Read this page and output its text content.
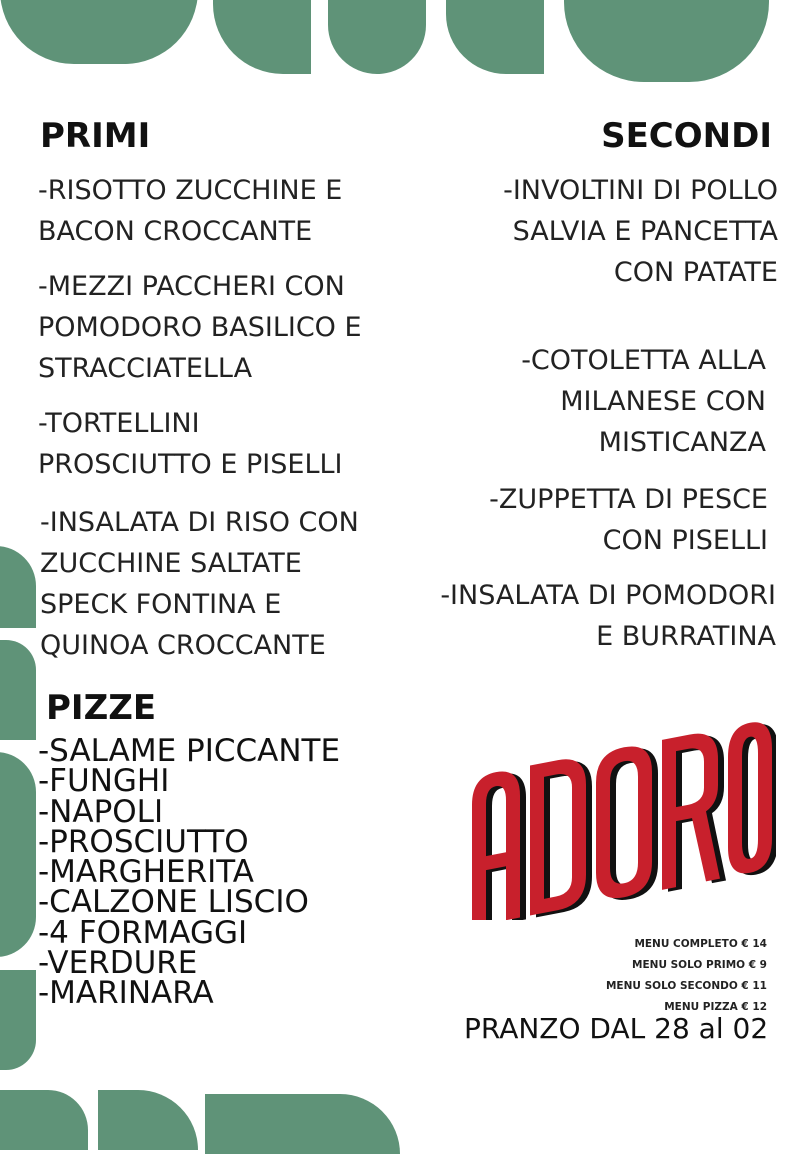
PRIMI
-RISOTTO ZUCCHINE E
BACON CROCCANTE
-MEZZI PACCHERI CON
POMODORO BASILICO E
STRACCIATELLA
-TORTELLINI
PROSCIUTTO E PISELLI
-INSALATA DI RISO CON
ZUCCHINE SALTATE
SPECK FONTINA E
QUINOA CROCCANTE
SECONDI
-INVOLTINI DI POLLO
SALVIA E PANCETTA
CON PATATE
-COTOLETTA ALLA
MILANESE CON
MISTICANZA
-ZUPPETTA DI PESCE
CON PISELLI
-INSALATA DI POMODORI
E BURRATINA
PIZZE
-SALAME PICCANTE
-FUNGHI
-NAPOLI
-PROSCIUTTO
-MARGHERITA
-CALZONE LISCIO
-4 FORMAGGI
-VERDURE
-MARINARA
MENU COMPLETO € 14
MENU SOLO PRIMO € 9
MENU SOLO SECONDO € 11
MENU PIZZA € 12
PRANZO DAL 28 al 02
